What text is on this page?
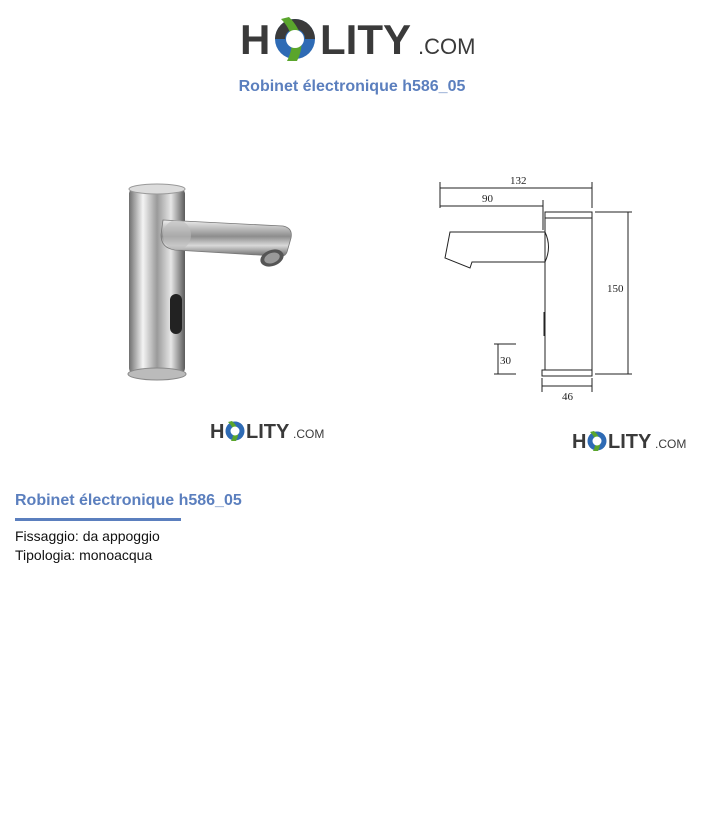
H LITY .COM
Robinet électronique h586_05
H LITY .COM
132
90
150
30
46
H LITY .COM
Robinet électronique h586_05
Fissaggio: da appoggio
Tipologia: monoacqua
